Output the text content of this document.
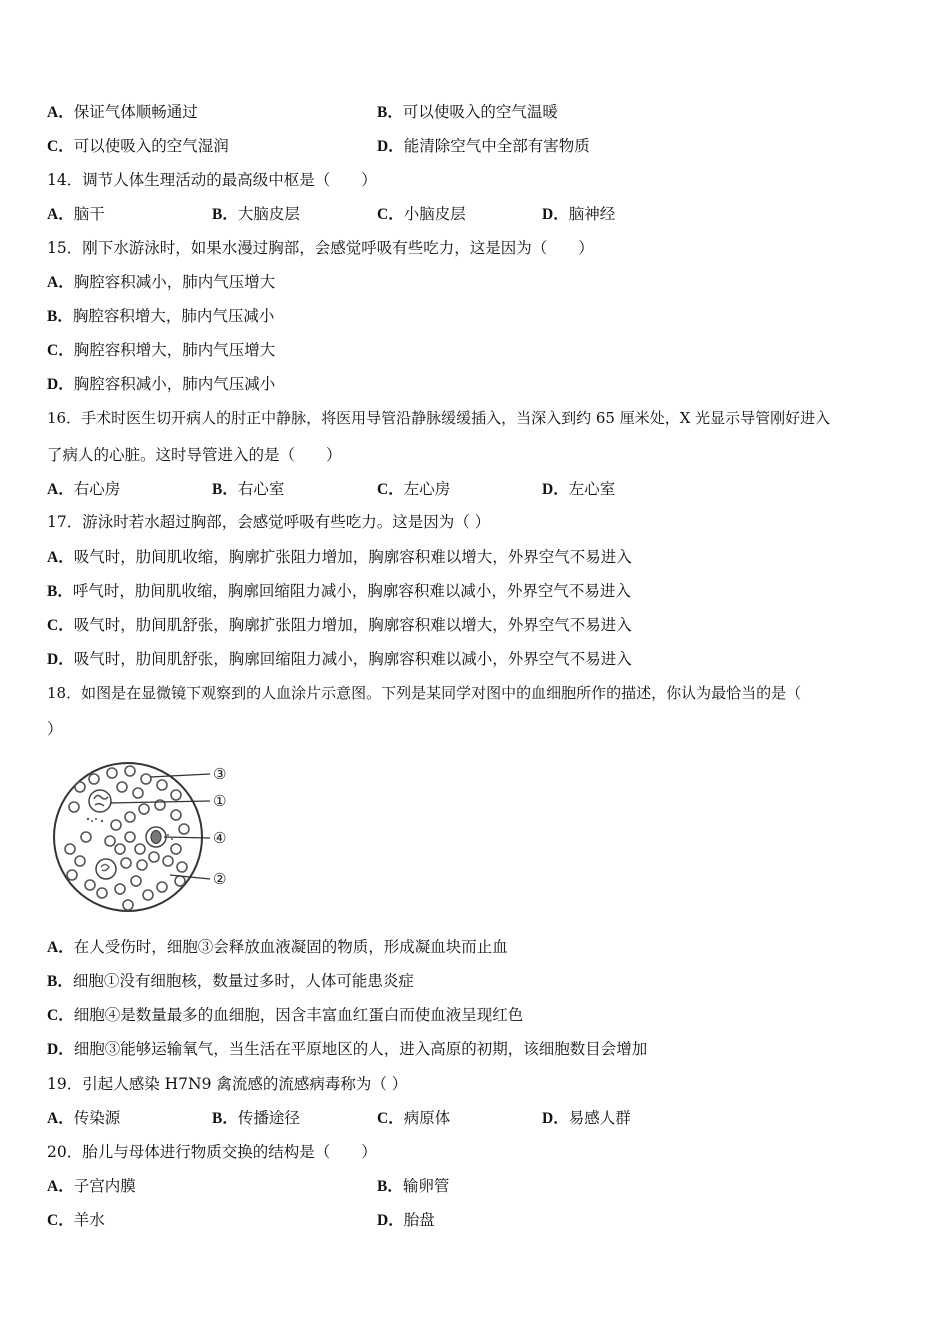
A．保证气体顺畅通过	B．可以使吸入的空气温暖
C．可以使吸入的空气湿润	D．能清除空气中全部有害物质
14．调节人体生理活动的最高级中枢是（　　）
A．脑干	B．大脑皮层	C．小脑皮层	D．脑神经
15．刚下水游泳时，如果水漫过胸部，会感觉呼吸有些吃力，这是因为（　　）
A．胸腔容积减小，肺内气压增大
B．胸腔容积增大，肺内气压减小
C．胸腔容积增大，肺内气压增大
D．胸腔容积减小，肺内气压减小
16．手术时医生切开病人的肘正中静脉，将医用导管沿静脉缓缓插入，当深入到约 65 厘米处，X 光显示导管刚好进入
了病人的心脏。这时导管进入的是（　　）
A．右心房	B．右心室	C．左心房	D．左心室
17．游泳时若水超过胸部，会感觉呼吸有些吃力。这是因为（ ）
A．吸气时，肋间肌收缩，胸廓扩张阻力增加，胸廓容积难以增大，外界空气不易进入
B．呼气时，肋间肌收缩，胸廓回缩阻力减小，胸廓容积难以减小，外界空气不易进入
C．吸气时，肋间肌舒张，胸廓扩张阻力增加，胸廓容积难以增大，外界空气不易进入
D．吸气时，肋间肌舒张，胸廓回缩阻力减小，胸廓容积难以减小，外界空气不易进入
18．如图是在显微镜下观察到的人血涂片示意图。下列是某同学对图中的血细胞所作的描述，你认为最恰当的是（
）
③
①
④
②
A．在人受伤时，细胞③会释放血液凝固的物质，形成凝血块而止血
B．细胞①没有细胞核，数量过多时，人体可能患炎症
C．细胞④是数量最多的血细胞，因含丰富血红蛋白而使血液呈现红色
D．细胞③能够运输氧气，当生活在平原地区的人，进入高原的初期，该细胞数目会增加
19．引起人感染 H7N9 禽流感的流感病毒称为（ ）
A．传染源	B．传播途径	C．病原体	D．易感人群
20．胎儿与母体进行物质交换的结构是（　　）
A．子宫内膜	B．输卵管
C．羊水	D．胎盘
